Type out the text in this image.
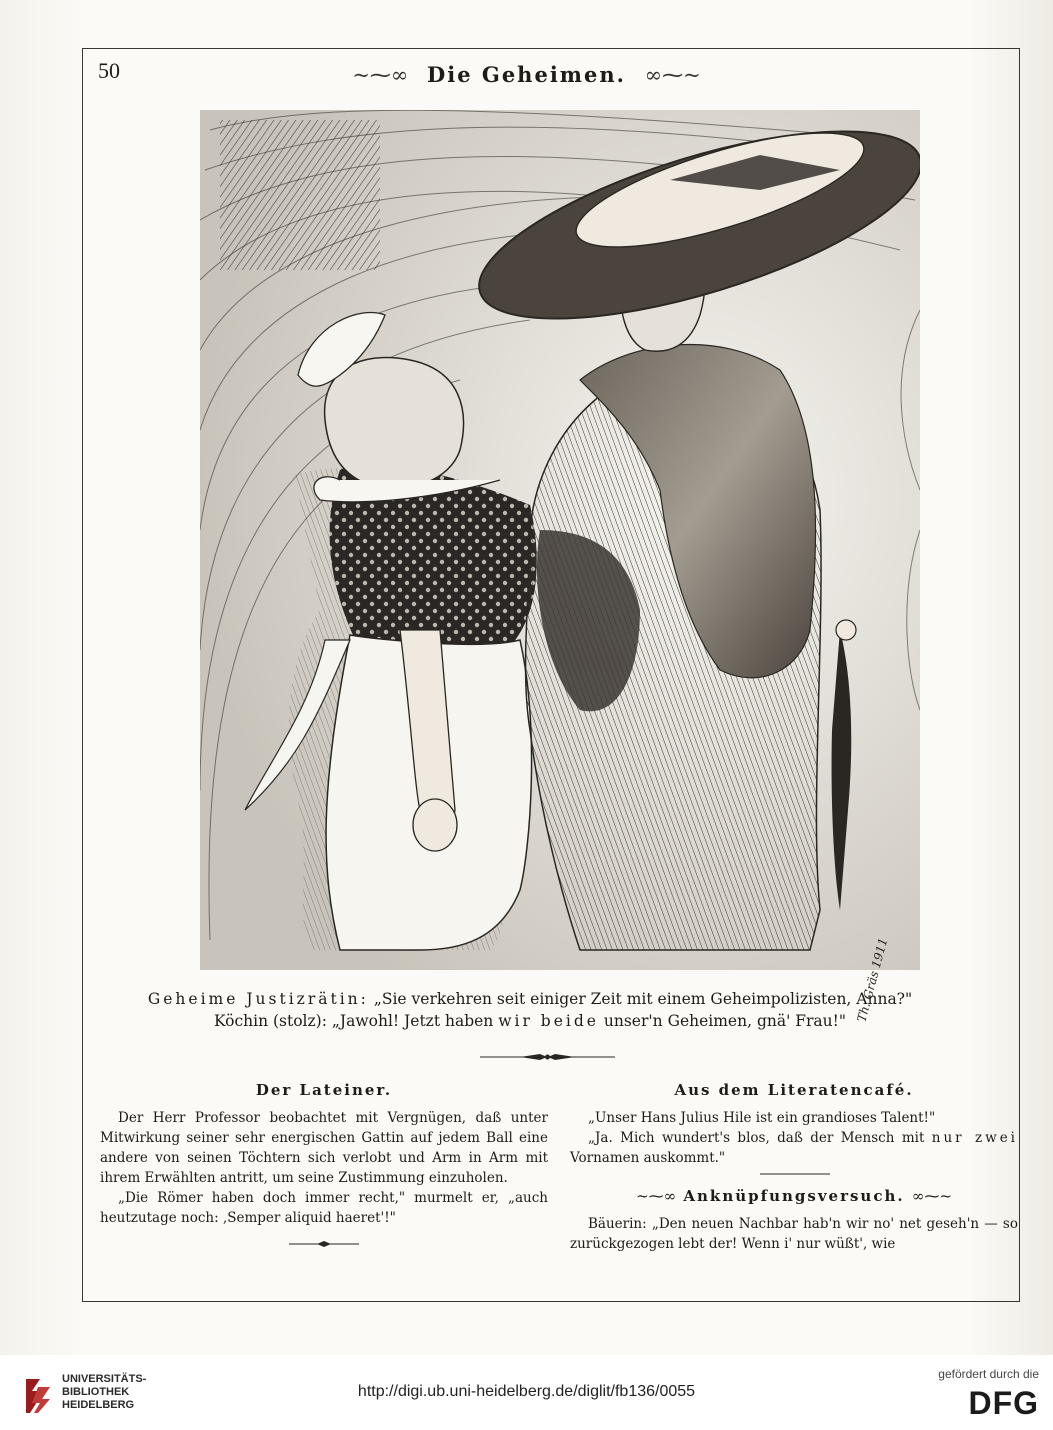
50	~⁓∞ Die Geheimen. ∞⁓~
Th. Gräs 1911
Geheime Justizrätin: „Sie verkehren seit einiger Zeit mit einem Geheimpolizisten, Anna?"
Köchin (stolz): „Jawohl! Jetzt haben wir beide unser'n Geheimen, gnä' Frau!"
Der Lateiner.

Der Herr Professor beobachtet mit Vergnügen, daß unter Mitwirkung seiner sehr energischen Gattin auf jedem Ball eine andere von seinen Töchtern sich verlobt und Arm in Arm mit ihrem Erwählten antritt, um seine Zustimmung einzuholen.

„Die Römer haben doch immer recht," murmelt er, „auch heutzutage noch: ‚Semper aliquid haeret'!"

Aus dem Literatencafé.

„Unser Hans Julius Hile ist ein grandioses Talent!"

„Ja. Mich wundert's blos, daß der Mensch mit nur zwei Vornamen auskommt."

~⁓∞ Anknüpfungsversuch. ∞⁓~

Bäuerin: „Den neuen Nachbar hab'n wir no' net geseh'n — so zurückgezogen lebt der! Wenn i' nur wüßt', wie

UNIVERSITÄTS-
BIBLIOTHEK
HEIDELBERG
http://digi.ub.uni-heidelberg.de/diglit/fb136/0055
gefördert durch die
DFG
